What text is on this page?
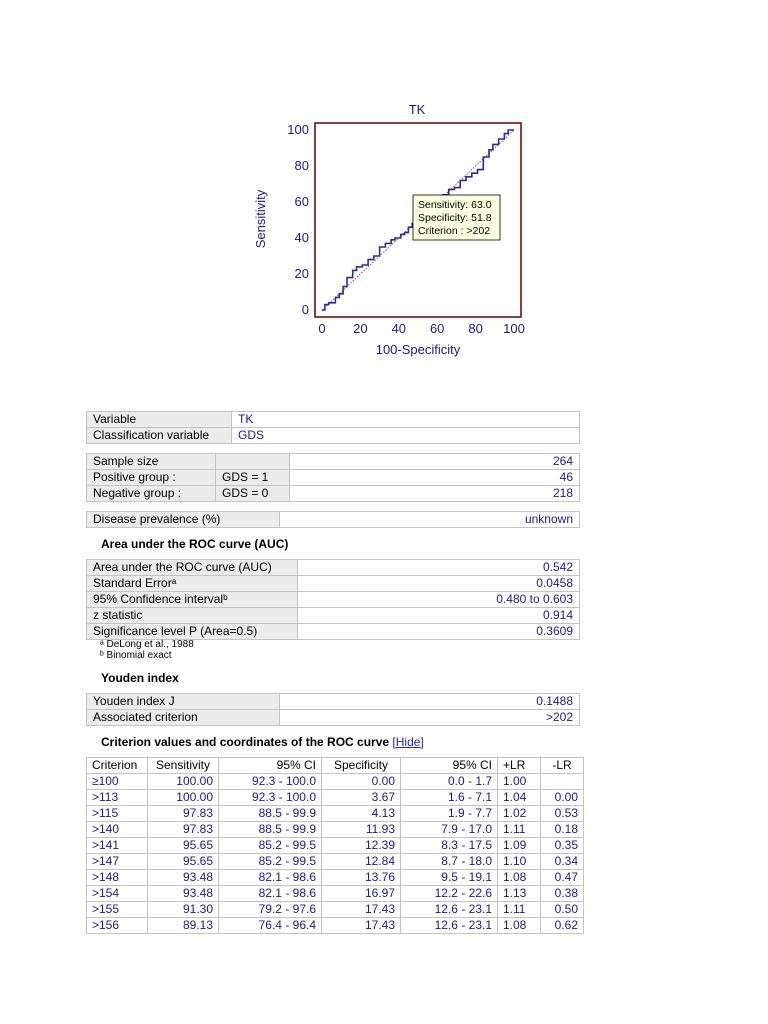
TK
0
20
40
60
80
100
0 20 40 60 80 100
Sensitivity
100-Specificity
Sensitivity: 63.0
Specificity: 51.8
Criterion : >202
Variable	TK
Classification variable	GDS
Sample size		264
Positive group :	GDS = 1	46
Negative group :	GDS = 0	218
Disease prevalence (%)	unknown
Area under the ROC curve (AUC)
Area under the ROC curve (AUC)	0.542
Standard Errorᵃ	0.0458
95% Confidence intervalᵇ	0.480 to 0.603
z statistic	0.914
Significance level P (Area=0.5)	0.3609
ᵃ DeLong et al., 1988
ᵇ Binomial exact
Youden index
Youden index J	0.1488
Associated criterion	>202
Criterion values and coordinates of the ROC curve [Hide]
Criterion	Sensitivity	95% CI	Specificity	95% CI	+LR	-LR
≥100	100.00	92.3 - 100.0	0.00	0.0 - 1.7	1.00	
>113	100.00	92.3 - 100.0	3.67	1.6 - 7.1	1.04	0.00
>115	97.83	88.5 - 99.9	4.13	1.9 - 7.7	1.02	0.53
>140	97.83	88.5 - 99.9	11.93	7.9 - 17.0	1.11	0.18
>141	95.65	85.2 - 99.5	12.39	8.3 - 17.5	1.09	0.35
>147	95.65	85.2 - 99.5	12.84	8.7 - 18.0	1.10	0.34
>148	93.48	82.1 - 98.6	13.76	9.5 - 19.1	1.08	0.47
>154	93.48	82.1 - 98.6	16.97	12.2 - 22.6	1.13	0.38
>155	91.30	79.2 - 97.6	17.43	12.6 - 23.1	1.11	0.50
>156	89.13	76.4 - 96.4	17.43	12.6 - 23.1	1.08	0.62
